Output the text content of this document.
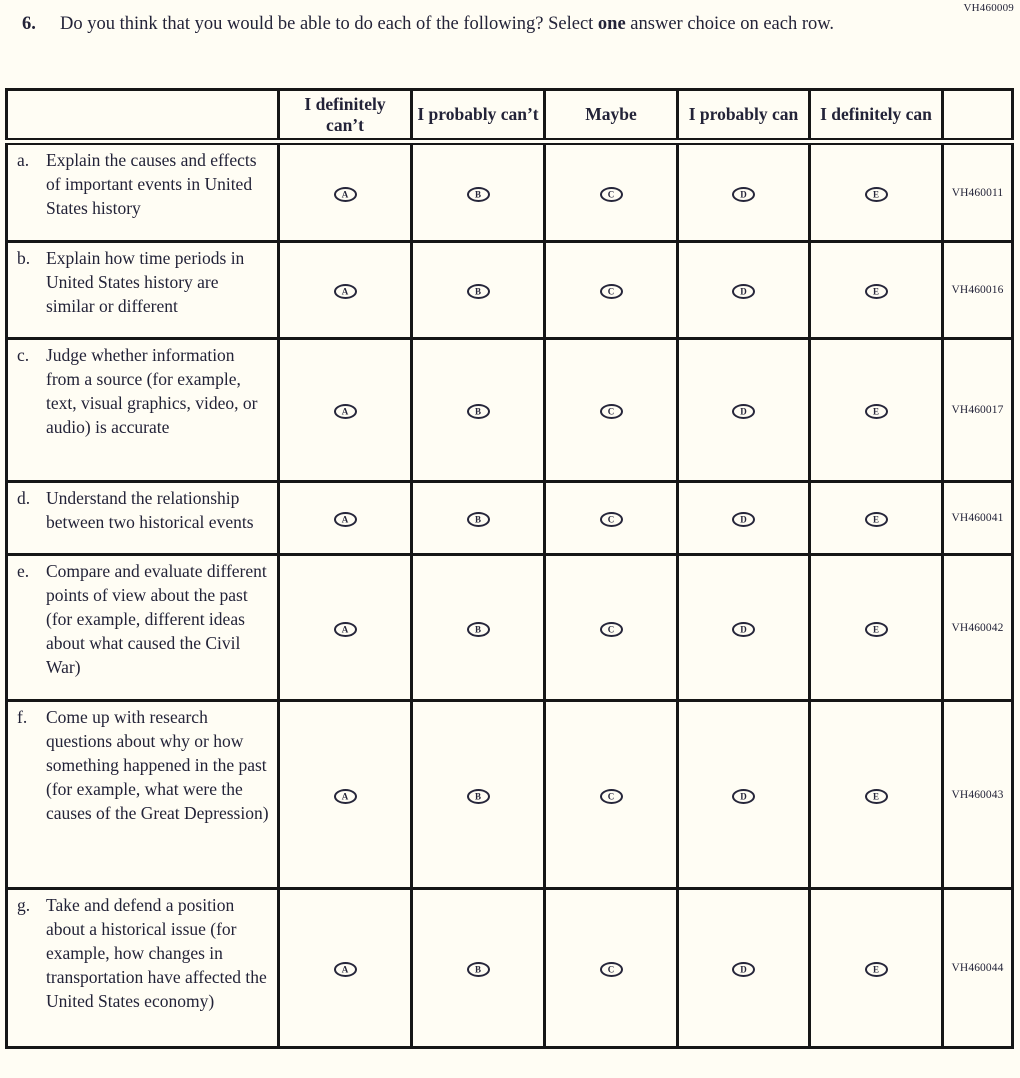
VH460009
6.	Do you think that you would be able to do each of the following? Select one answer choice on each row.
	I definitely can’t	I probably can’t	Maybe	I probably can	I definitely can	

a. Explain the causes and effects of important events in United States history	A	B	C	D	E	VH460011

b. Explain how time periods in United States history are similar or different	A	B	C	D	E	VH460016

c. Judge whether information from a source (for example, text, visual graphics, video, or audio) is accurate	A	B	C	D	E	VH460017

d. Understand the relationship between two historical events	A	B	C	D	E	VH460041

e. Compare and evaluate different points of view about the past (for example, different ideas about what caused the Civil War)	A	B	C	D	E	VH460042

f. Come up with research questions about why or how something happened in the past (for example, what were the causes of the Great Depression)	A	B	C	D	E	VH460043

g. Take and defend a position about a historical issue (for example, how changes in transportation have affected the United States economy)	A	B	C	D	E	VH460044
